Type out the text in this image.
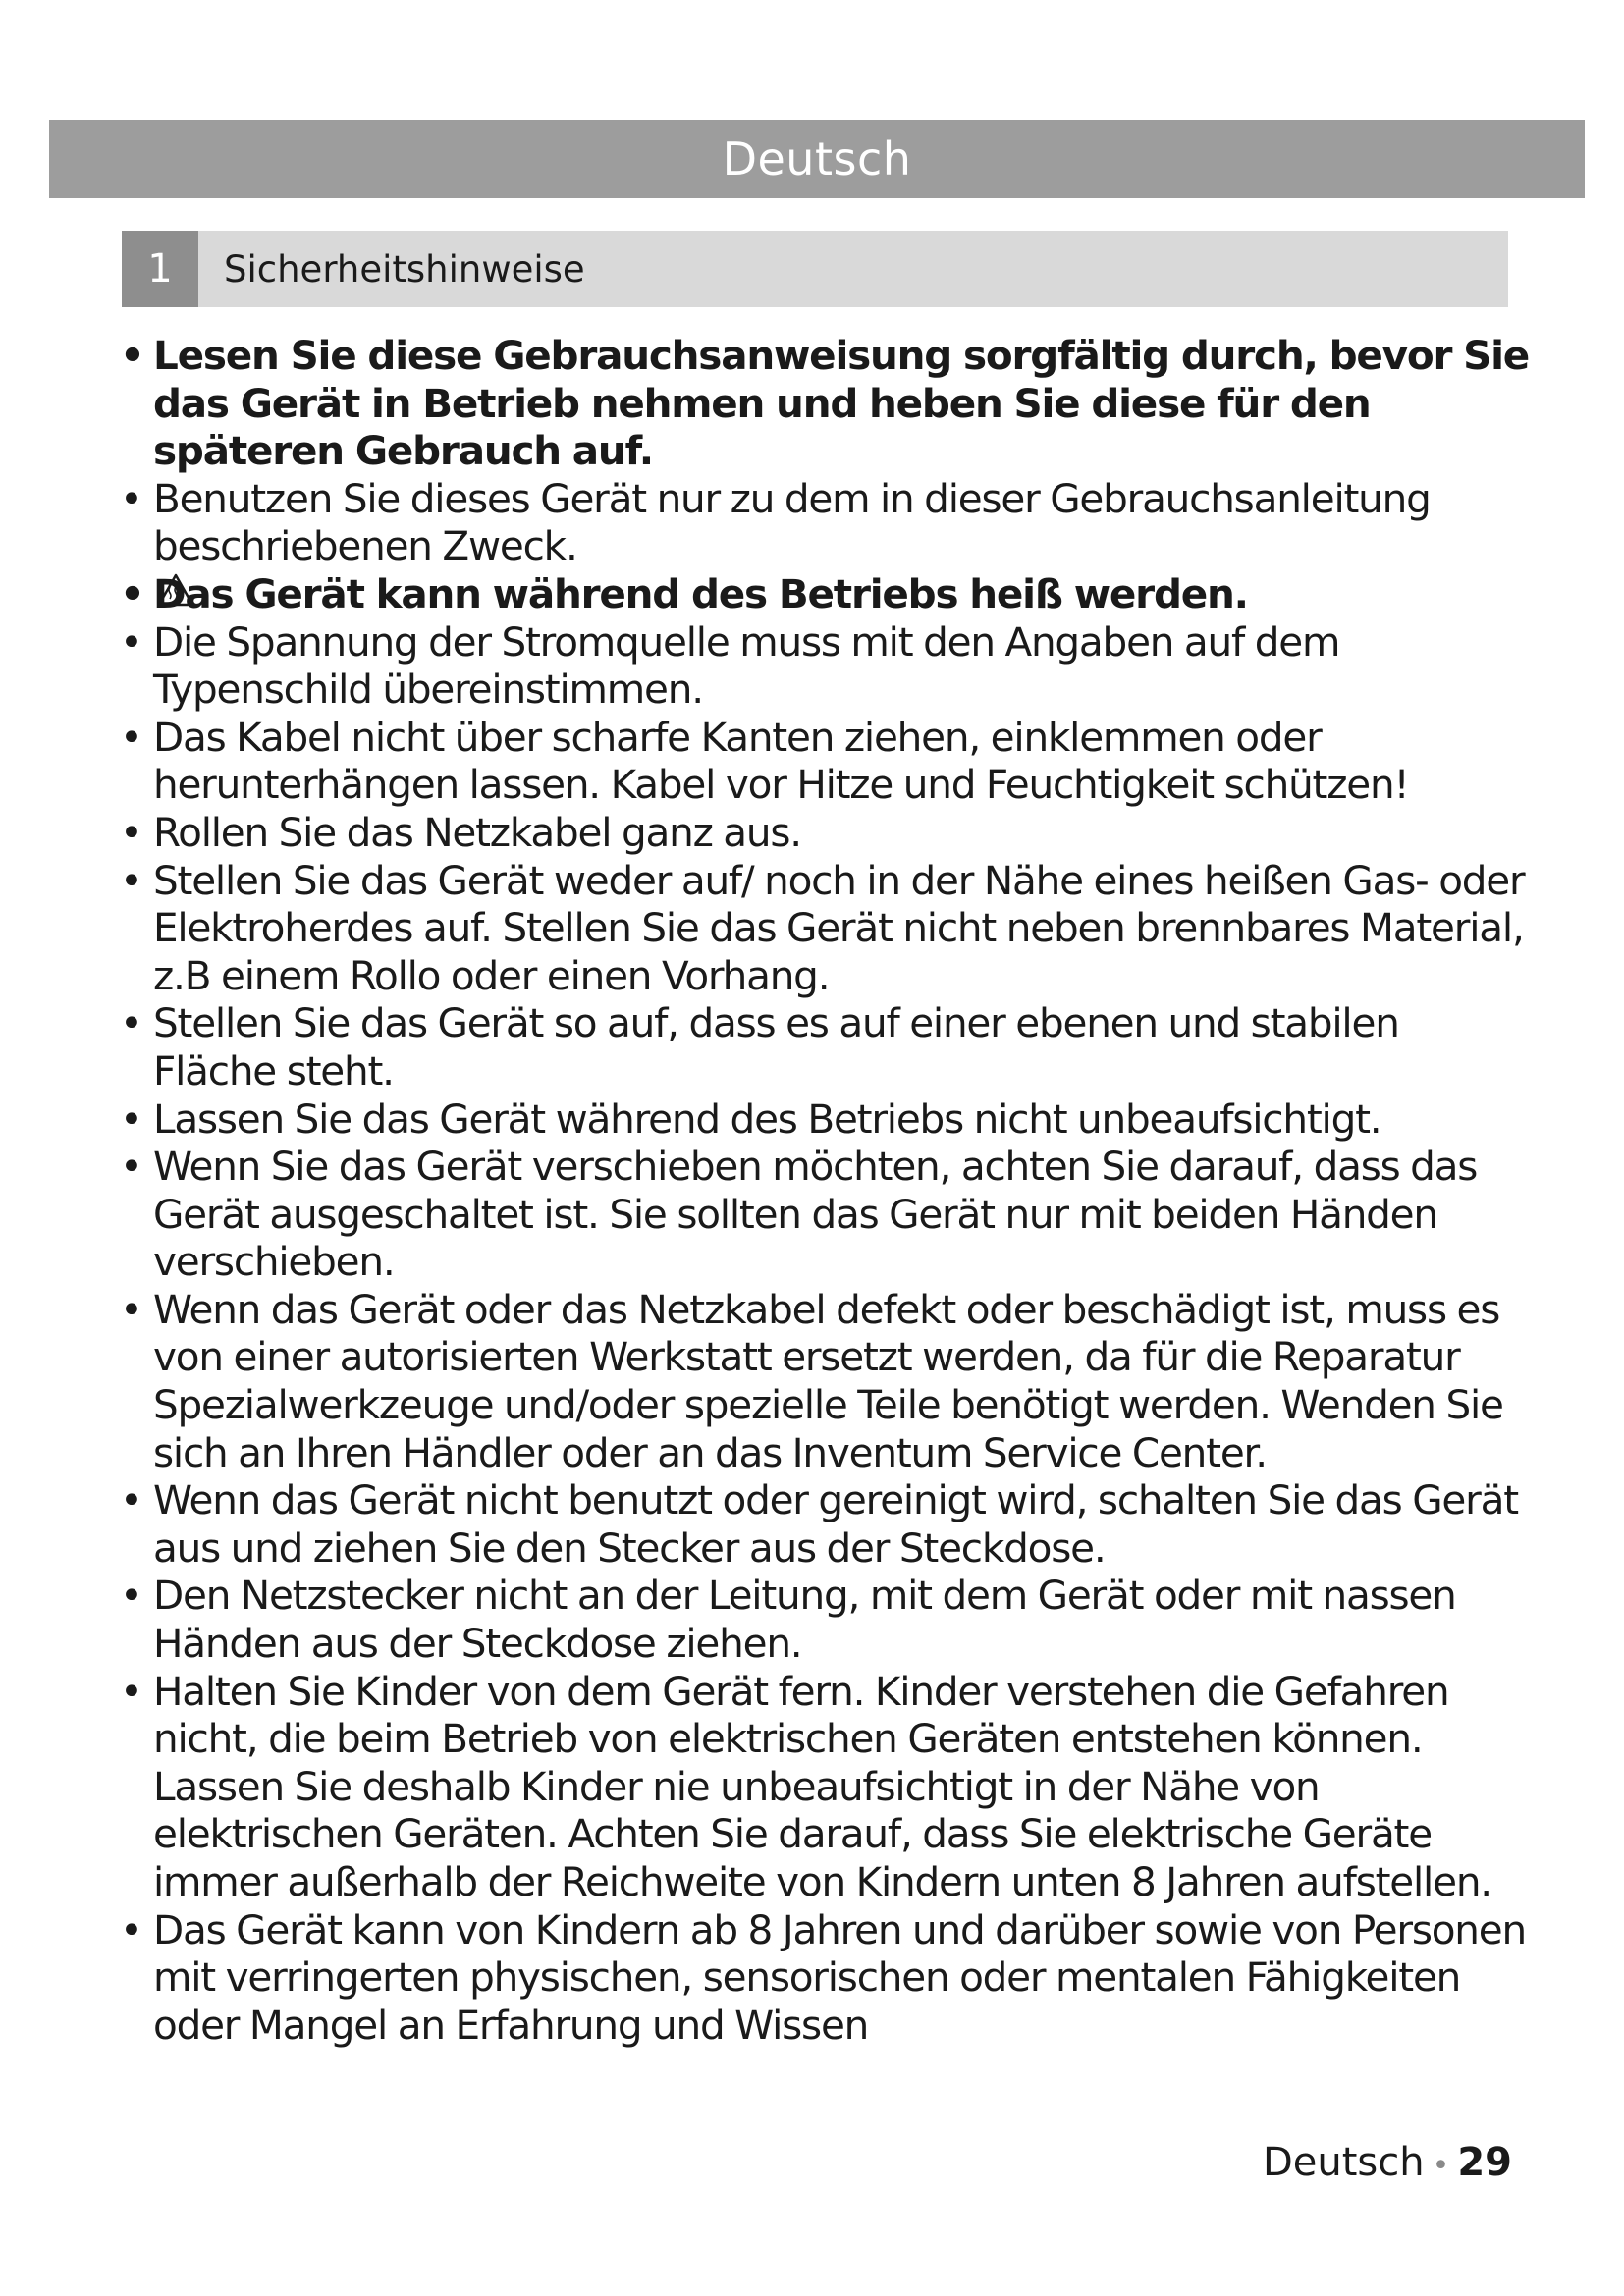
Deutsch
1	Sicherheitshinweise
• Lesen Sie diese Gebrauchsanweisung sorgfältig durch, bevor Sie das Gerät in Betrieb nehmen und heben Sie diese für den späteren Gebrauch auf.
• Benutzen Sie dieses Gerät nur zu dem in dieser Gebrauchsanleitung beschriebenen Zweck.
• Das Gerät kann während des Betriebs heiß werden.
• Die Spannung der Stromquelle muss mit den Angaben auf dem Typenschild übereinstimmen.
• Das Kabel nicht über scharfe Kanten ziehen, einklemmen oder herunterhängen lassen. Kabel vor Hitze und Feuchtigkeit schützen!
• Rollen Sie das Netzkabel ganz aus.
• Stellen Sie das Gerät weder auf/ noch in der Nähe eines heißen Gas- oder Elektroherdes auf. Stellen Sie das Gerät nicht neben brennbares Material, z.B einem Rollo oder einen Vorhang.
• Stellen Sie das Gerät so auf, dass es auf einer ebenen und stabilen Fläche steht.
• Lassen Sie das Gerät während des Betriebs nicht unbeaufsichtigt.
• Wenn Sie das Gerät verschieben möchten, achten Sie darauf, dass das Gerät ausgeschaltet ist. Sie sollten das Gerät nur mit beiden Händen verschieben.
• Wenn das Gerät oder das Netzkabel defekt oder beschädigt ist, muss es von einer autorisierten Werkstatt ersetzt werden, da für die Reparatur Spezialwerkzeuge und/oder spezielle Teile benötigt werden. Wenden Sie sich an Ihren Händler oder an das Inventum Service Center.
• Wenn das Gerät nicht benutzt oder gereinigt wird, schalten Sie das Gerät aus und ziehen Sie den Stecker aus der Steckdose.
• Den Netzstecker nicht an der Leitung, mit dem Gerät oder mit nassen Händen aus der Steckdose ziehen.
• Halten Sie Kinder von dem Gerät fern. Kinder verstehen die Gefahren nicht, die beim Betrieb von elektrischen Geräten entstehen können. Lassen Sie deshalb Kinder nie unbeaufsichtigt in der Nähe von elektrischen Geräten. Achten Sie darauf, dass Sie elektrische Geräte immer außerhalb der Reichweite von Kindern unten 8 Jahren aufstellen.
• Das Gerät kann von Kindern ab 8 Jahren und darüber sowie von Personen mit verringerten physischen, sensorischen oder mentalen Fähigkeiten oder Mangel an Erfahrung und Wissen
Deutsch • 29
